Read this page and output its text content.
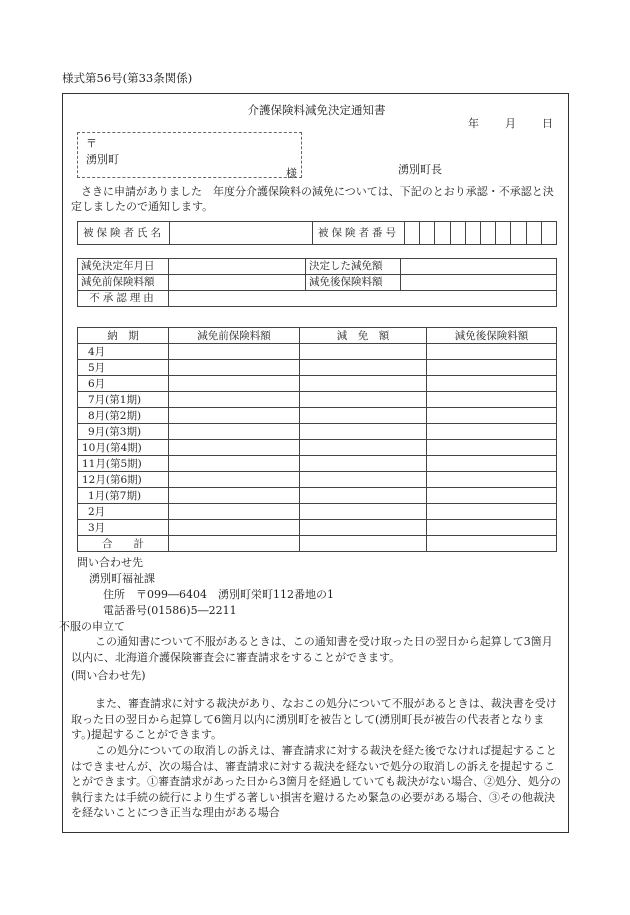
様式第56号(第33条関係)
介護保険料減免決定通知書
年 月 日
〒
湧別町
様	湧別町長
さきに申請がありました　年度分介護保険料の減免については、下記のとおり承認・不承認と決定しましたので通知します。
被保険者氏名		被保険者番号										
減免決定年月日		決定した減免額	
減免前保険料額		減免後保険料額	
不承認理由			
納　期	減免前保険料額	減　免　額	減免後保険料額
4月			
5月			
6月			
7月(第1期)			
8月(第2期)			
9月(第3期)			
10月(第4期)			
11月(第5期)			
12月(第6期)			
1月(第7期)			
2月			
3月			
合　　計			
問い合わせ先
湧別町福祉課
住所　〒099―6404　湧別町栄町112番地の1
電話番号(01586)5―2211
不服の申立て
この通知書について不服があるときは、この通知書を受け取った日の翌日から起算して3箇月以内に、北海道介護保険審査会に審査請求をすることができます。
(問い合わせ先)
また、審査請求に対する裁決があり、なおこの処分について不服があるときは、裁決書を受け取った日の翌日から起算して6箇月以内に湧別町を被告として(湧別町長が被告の代表者となります。)提起することができます。
この処分についての取消しの訴えは、審査請求に対する裁決を経た後でなければ提起することはできませんが、次の場合は、審査請求に対する裁決を経ないで処分の取消しの訴えを提起することができます。①審査請求があった日から3箇月を経過していても裁決がない場合、②処分、処分の執行または手続の続行により生ずる著しい損害を避けるため緊急の必要がある場合、③その他裁決を経ないことにつき正当な理由がある場合
